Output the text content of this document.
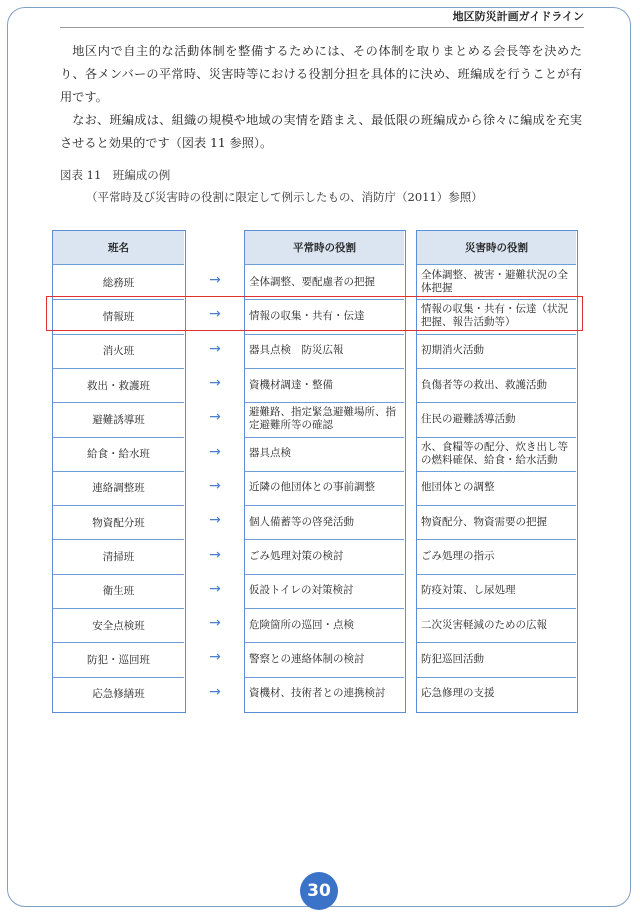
地区防災計画ガイドライン

地区内で自主的な活動体制を整備するためには、その体制を取りまとめる会長等を決めたり、各メンバーの平常時、災害時等における役割分担を具体的に決め、班編成を行うことが有用です。

なお、班編成は、組織の規模や地域の実情を踏まえ、最低限の班編成から徐々に編成を充実させると効果的です（図表 11 参照）。

図表 11　班編成の例
（平常時及び災害時の役割に限定して例示したもの、消防庁（2011）参照）
班名
総務班
情報班
消火班
救出・救護班
避難誘導班
給食・給水班
連絡調整班
物資配分班
清掃班
衛生班
安全点検班
防犯・巡回班
応急修繕班
平常時の役割
全体調整、要配慮者の把握
情報の収集・共有・伝達
器具点検　防災広報
資機材調達・整備
避難路、指定緊急避難場所、指定避難所等の確認
器具点検
近隣の他団体との事前調整
個人備蓄等の啓発活動
ごみ処理対策の検討
仮設トイレの対策検討
危険箇所の巡回・点検
警察との連絡体制の検討
資機材、技術者との連携検討
災害時の役割
全体調整、被害・避難状況の全体把握
情報の収集・共有・伝達（状況把握、報告活動等）
初期消火活動
負傷者等の救出、救護活動
住民の避難誘導活動
水、食糧等の配分、炊き出し等の燃料確保、給食・給水活動
他団体との調整
物資配分、物資需要の把握
ごみ処理の指示
防疫対策、し尿処理
二次災害軽減のための広報
防犯巡回活動
応急修理の支援
→
→
→
→
→
→
→
→
→
→
→
→
→
30
